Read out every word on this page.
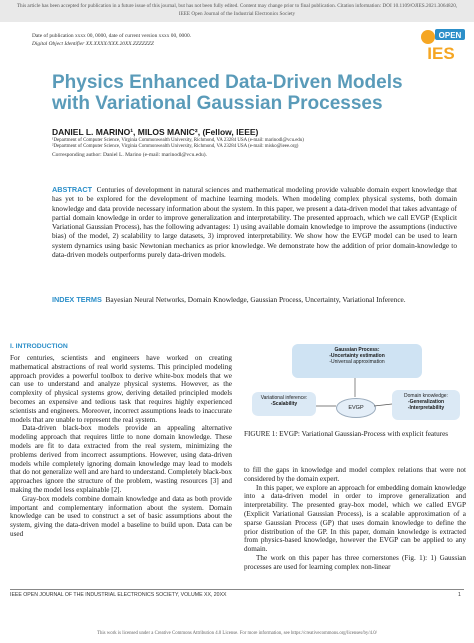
This article has been accepted for publication in a future issue of this journal, but has not been fully edited. Content may change prior to final publication. Citation information: DOI 10.1109/OJIES.2021.3064820,
IEEE Open Journal of the Industrial Electronics Society
OPEN
IES
Date of publication xxxx 00, 0000, date of current version xxxx 00, 0000.
Digital Object Identifier XX.XXXX/XXX.20XX.ZZZZZZZ
Physics Enhanced Data-Driven Models with Variational Gaussian Processes
DANIEL L. MARINO¹, MILOS MANIC², (Fellow, IEEE)
¹Department of Computer Science, Virginia Commonwealth University, Richmond, VA 23284 USA (e-mail: marinodl@vcu.edu)
²Department of Computer Science, Virginia Commonwealth University, Richmond, VA 23284 USA (e-mail: misko@ieee.org)
Corresponding author: Daniel L. Marino (e-mail: marinodl@vcu.edu).
ABSTRACT Centuries of development in natural sciences and mathematical modeling provide valuable domain expert knowledge that has yet to be explored for the development of machine learning models. When modeling complex physical systems, both domain knowledge and data provide necessary information about the system. In this paper, we present a data-driven model that takes advantage of partial domain knowledge in order to improve generalization and interpretability. The presented approach, which we call EVGP (Explicit Variational Gaussian Process), has the following advantages: 1) using available domain knowledge to improve the assumptions (inductive bias) of the model, 2) scalability to large datasets, 3) improved interpretability. We show how the EVGP model can be used to learn system dynamics using basic Newtonian mechanics as prior knowledge. We demonstrate how the addition of prior domain-knowledge to data-driven models outperforms purely data-driven models.
INDEX TERMS Bayesian Neural Networks, Domain Knowledge, Gaussian Process, Uncertainty, Variational Inference.
I. INTRODUCTION

For centuries, scientists and engineers have worked on creating mathematical abstractions of real world systems. This principled modeling approach provides a powerful toolbox to derive white-box models that we can use to understand and analyze physical systems. However, as the complexity of physical systems grow, deriving detailed principled models becomes an expensive and tedious task that requires highly experienced scientists and engineers. Moreover, incorrect assumptions leads to inaccurate models that are unable to represent the real system.

Data-driven black-box models provide an appealing alternative modeling approach that requires little to none domain knowledge. These models are fit to data extracted from the real system, minimizing the problems derived from incorrect assumptions. However, using data-driven models while completely ignoring domain knowledge may lead to models that do not generalize well and are hard to understand. Completely black-box approaches ignore the structure of the problem, wasting resources [3] and making the model less explainable [2].

Gray-box models combine domain knowledge and data as both provide important and complementary information about the system. Domain knowledge can be used to construct a set of basic assumptions about the system, giving the data-driven model a baseline to build upon. Data can be used

Gaussian Process:
-Uncertainty estimation
-Universal approximation
Variational inference:
-Scalability
EVGP
Domain knowledge:
-Generalization
-Interpretability
FIGURE 1: EVGP: Variational Gaussian-Process with explicit features

to fill the gaps in knowledge and model complex relations that were not considered by the domain expert.

In this paper, we explore an approach for embedding domain knowledge into a data-driven model in order to improve generalization and interpretability. The presented gray-box model, which we called EVGP (Explicit Variational Gaussian Process), is a scalable approximation of a sparse Gaussian Process (GP) that uses domain knowledge to define the prior distribution of the GP. In this paper, domain knowledge is extracted from physics-based knowledge, however the EVGP can be applied to any domain.

The work on this paper has three cornerstones (Fig. 1): 1) Gaussian processes are used for learning complex non-linear

IEEE OPEN JOURNAL OF THE INDUSTRIAL ELECTRONICS SOCIETY, VOLUME XX, 20XX	1
This work is licensed under a Creative Commons Attribution 4.0 License. For more information, see https://creativecommons.org/licenses/by/4.0/
